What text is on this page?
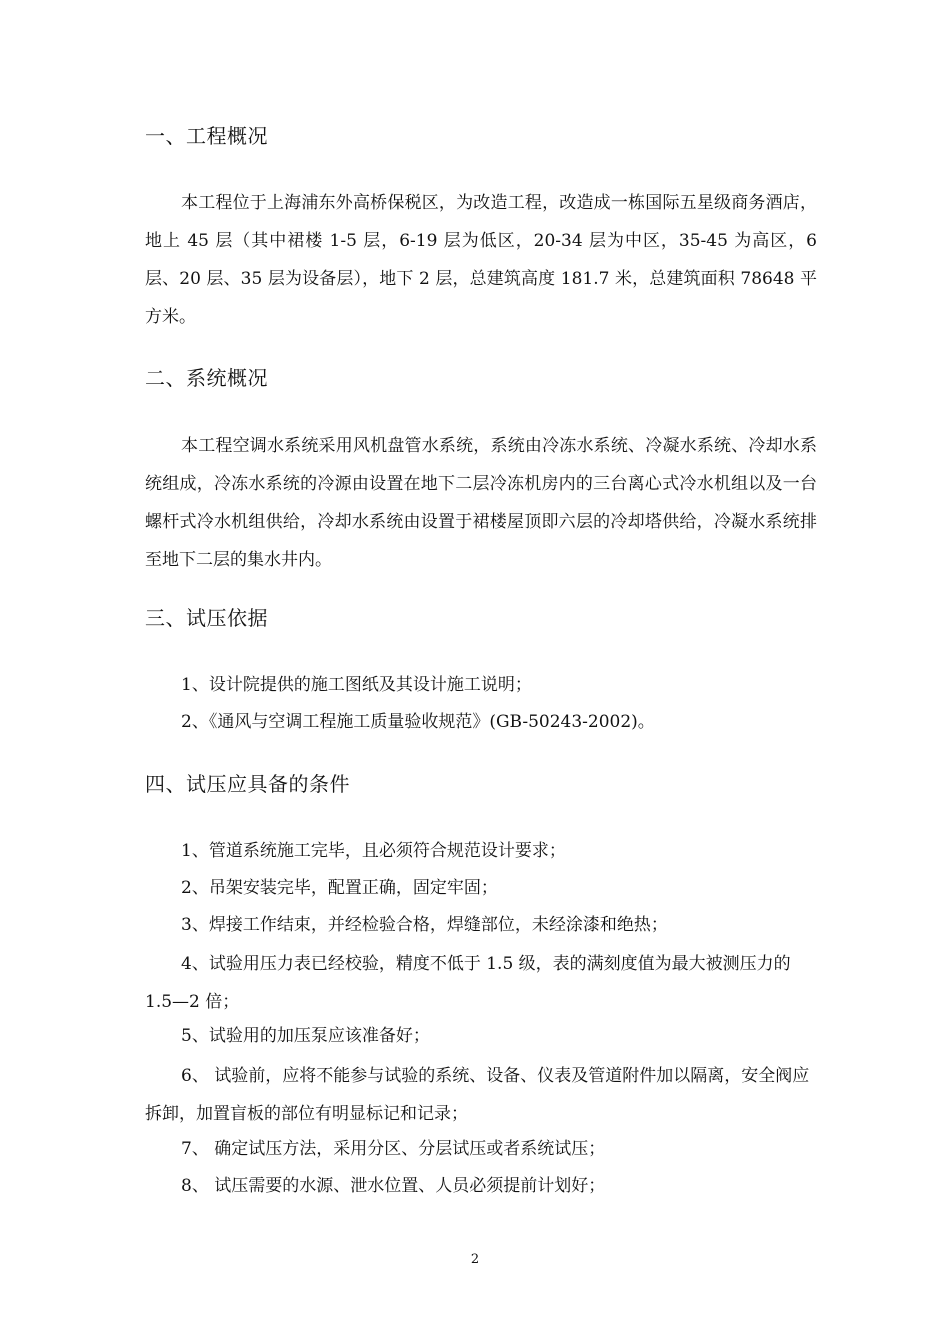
一、工程概况

本工程位于上海浦东外高桥保税区，为改造工程，改造成一栋国际五星级商务酒店，地上 45 层（其中裙楼 1-5 层，6-19 层为低区，20-34 层为中区，35-45 为高区，6 层、20 层、35 层为设备层），地下 2 层，总建筑高度 181.7 米，总建筑面积 78648 平方米。

二、系统概况

本工程空调水系统采用风机盘管水系统，系统由冷冻水系统、冷凝水系统、冷却水系统组成，冷冻水系统的冷源由设置在地下二层冷冻机房内的三台离心式冷水机组以及一台螺杆式冷水机组供给，冷却水系统由设置于裙楼屋顶即六层的冷却塔供给，冷凝水系统排至地下二层的集水井内。

三、试压依据

1、设计院提供的施工图纸及其设计施工说明；

2、《通风与空调工程施工质量验收规范》(GB-50243-2002)。

四、试压应具备的条件

1、管道系统施工完毕，且必须符合规范设计要求；

2、吊架安装完毕，配置正确，固定牢固；

3、焊接工作结束，并经检验合格，焊缝部位，未经涂漆和绝热；

4、试验用压力表已经校验，精度不低于 1.5 级，表的满刻度值为最大被测压力的 1.5—2 倍；

5、试验用的加压泵应该准备好；

6、 试验前，应将不能参与试验的系统、设备、仪表及管道附件加以隔离，安全阀应拆卸，加置盲板的部位有明显标记和记录；

7、 确定试压方法，采用分区、分层试压或者系统试压；

8、 试压需要的水源、泄水位置、人员必须提前计划好；

2
